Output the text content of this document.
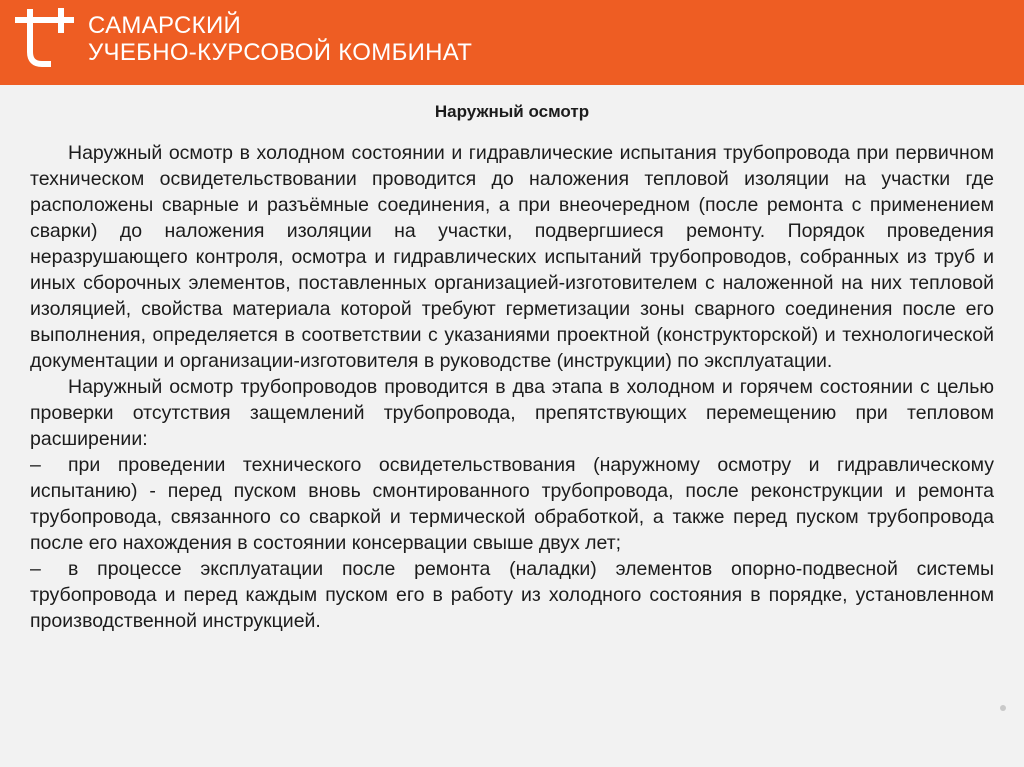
САМАРСКИЙ
УЧЕБНО-КУРСОВОЙ КОМБИНАТ
Наружный осмотр

Наружный осмотр в холодном состоянии и гидравлические испытания трубопровода при первичном техническом освидетельствовании проводится до наложения тепловой изоляции на участки где расположены сварные и разъёмные соединения, а при внеочередном (после ремонта с применением сварки) до наложения изоляции на участки, подвергшиеся ремонту. Порядок проведения неразрушающего контроля, осмотра и гидравлических испытаний трубопроводов, собранных из труб и иных сборочных элементов, поставленных организацией-изготовителем с наложенной на них тепловой изоляцией, свойства материала которой требуют герметизации зоны сварного соединения после его выполнения, определяется в соответствии с указаниями проектной (конструкторской) и технологической документации и организации-изготовителя в руководстве (инструкции) по эксплуатации.

Наружный осмотр трубопроводов проводится в два этапа в холодном и горячем состоянии с целью проверки отсутствия защемлений трубопровода, препятствующих перемещению при тепловом расширении:

– при проведении технического освидетельствования (наружному осмотру и гидравлическому испытанию) - перед пуском вновь смонтированного трубопровода, после реконструкции и ремонта трубопровода, связанного со сваркой и термической обработкой, а также перед пуском трубопровода после его нахождения в состоянии консервации свыше двух лет;

– в процессе эксплуатации после ремонта (наладки) элементов опорно-подвесной системы трубопровода и перед каждым пуском его в работу из холодного состояния в порядке, установленном производственной инструкцией.
